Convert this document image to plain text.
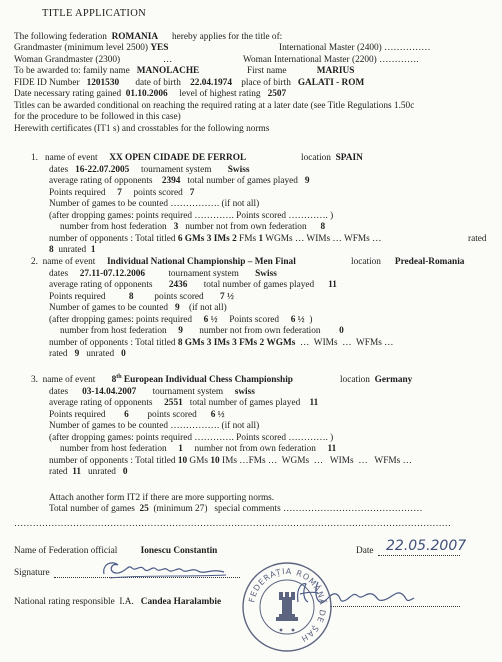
TITLE APPLICATION
The following federation ROMANIA hereby applies for the title of:
Grandmaster (minimum level 2500) YES	International Master (2400) ……………
Woman Grandmaster (2300)	…	Woman International Master (2200) ………….
To be awarded to: family name MANOLACHE	First name	MARIUS
FIDE ID Number 1201530 date of birth 22.04.1974 place of birth GALATI - ROM
Date necessary rating gained 01.10.2006 level of highest rating 2507
Titles can be awarded conditional on reaching the required rating at a later date (see Title Regulations 1.50c
for the procedure to be followed in this case)
Herewith certificates (IT1 s) and crosstables for the following norms
1. name of event XX OPEN CIDADE DE FERROL	location SPAIN
dates 16-22.07.2005 tournament system Swiss
average rating of opponents 2394 total number of games played 9
Points required 7 points scored 7
Number of games to be counted ……………. (if not all)
(after dropping games: points required …………. Points scored …………. )
number from host federation 3 number not from own federation 8
number of opponents : Total titled 6 GMs 3 IMs 2 FMs 1 WGMs … WIMs … WFMs …	rated
8 unrated 1
2. name of event Individual National Championship – Men Final	location Predeal-Romania
dates 27.11-07.12.2006	tournament system Swiss
average rating of opponents 2436 total number of games played 11
Points required	8 points scored 7 ½
Number of games to be counted 9 (if not all)
(after dropping games: points required 6 ½ Points scored 6 ½ )
number from host federation 9 number not from own federation 0
number of opponents : Total titled 8 GMs 3 IMs 3 FMs 2 WGMs …  WIMs  …  WFMs …
rated 9 unrated 0
3. name of event 8th European Individual Chess Championship	location Germany
dates 03-14.04.2007 tournament system swiss
average rating of opponents 2551 total number of games played 11
Points required 6 points scored 6 ½
Number of games to be counted ……………. (if not all)
(after dropping games: points required …………. Points scored …………. )
number from host federation 1 number not from own federation 11
number of opponents : Total titled 10 GMs 10 IMs …FMs …  WGMs  …   WIMs  …   WFMs …
rated 11 unrated 0
Attach another form IT2 if there are more supporting norms.
Total number of games 25 (minimum 27)   special comments ………………………………………
……………………………………………………………………………………………………………………………
Name of Federation official	Ionescu Constantin	Date 22.05.2007
Signature
National rating responsible  I.A. Candea Haralambie	FEDERAȚIA ROMÂNĂ DE ȘAH
